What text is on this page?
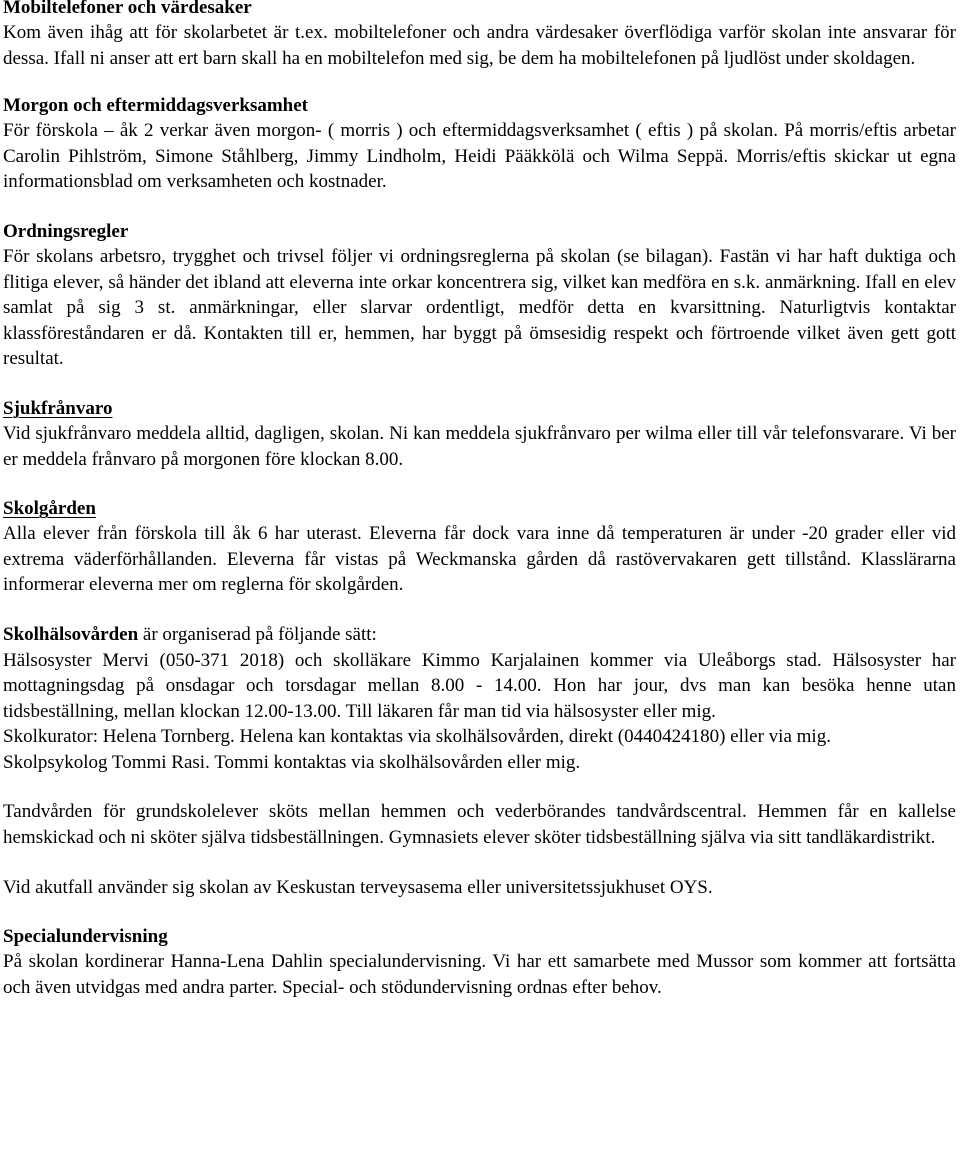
Mobiltelefoner och värdesaker

Kom även ihåg att för skolarbetet är t.ex. mobiltelefoner och andra värdesaker överflödiga varför skolan inte ansvarar för dessa. Ifall ni anser att ert barn skall ha en mobiltelefon med sig, be dem ha mobiltelefonen på ljudlöst under skoldagen.

Morgon och eftermiddagsverksamhet

För förskola – åk 2 verkar även morgon- ( morris ) och eftermiddagsverksamhet ( eftis ) på skolan. På morris/eftis arbetar Carolin Pihlström, Simone Ståhlberg, Jimmy Lindholm, Heidi Pääkkölä och Wilma Seppä. Morris/eftis skickar ut egna informationsblad om verksamheten och kostnader.

Ordningsregler

För skolans arbetsro, trygghet och trivsel följer vi ordningsreglerna på skolan (se bilagan). Fastän vi har haft duktiga och flitiga elever, så händer det ibland att eleverna inte orkar koncentrera sig, vilket kan medföra en s.k. anmärkning. Ifall en elev samlat på sig 3 st. anmärkningar, eller slarvar ordentligt, medför detta en kvarsittning. Naturligtvis kontaktar klassföreståndaren er då. Kontakten till er, hemmen, har byggt på ömsesidig respekt och förtroende vilket även gett gott resultat.

Sjukfrånvaro

Vid sjukfrånvaro meddela alltid, dagligen, skolan. Ni kan meddela sjukfrånvaro per wilma eller till vår telefonsvarare. Vi ber er meddela frånvaro på morgonen före klockan 8.00.

Skolgården

Alla elever från förskola till åk 6 har uterast. Eleverna får dock vara inne då temperaturen är under -20 grader eller vid extrema väderförhållanden. Eleverna får vistas på Weckmanska gården då rastövervakaren gett tillstånd. Klasslärarna informerar eleverna mer om reglerna för skolgården.

Skolhälsovården är organiserad på följande sätt:

Hälsosyster Mervi (050-371 2018) och skolläkare Kimmo Karjalainen kommer via Uleåborgs stad. Hälsosyster har mottagningsdag på onsdagar och torsdagar mellan 8.00 - 14.00. Hon har jour, dvs man kan besöka henne utan tidsbeställning, mellan klockan 12.00-13.00. Till läkaren får man tid via hälsosyster eller mig.

Skolkurator: Helena Tornberg. Helena kan kontaktas via skolhälsovården, direkt (0440424180) eller via mig.

Skolpsykolog Tommi Rasi. Tommi kontaktas via skolhälsovården eller mig.

Tandvården för grundskolelever sköts mellan hemmen och vederbörandes tandvårdscentral. Hemmen får en kallelse hemskickad och ni sköter själva tidsbeställningen. Gymnasiets elever sköter tidsbeställning själva via sitt tandläkardistrikt.

Vid akutfall använder sig skolan av Keskustan terveysasema eller universitetssjukhuset OYS.

Specialundervisning

På skolan kordinerar Hanna-Lena Dahlin specialundervisning. Vi har ett samarbete med Mussor som kommer att fortsätta och även utvidgas med andra parter. Special- och stödundervisning ordnas efter behov.
